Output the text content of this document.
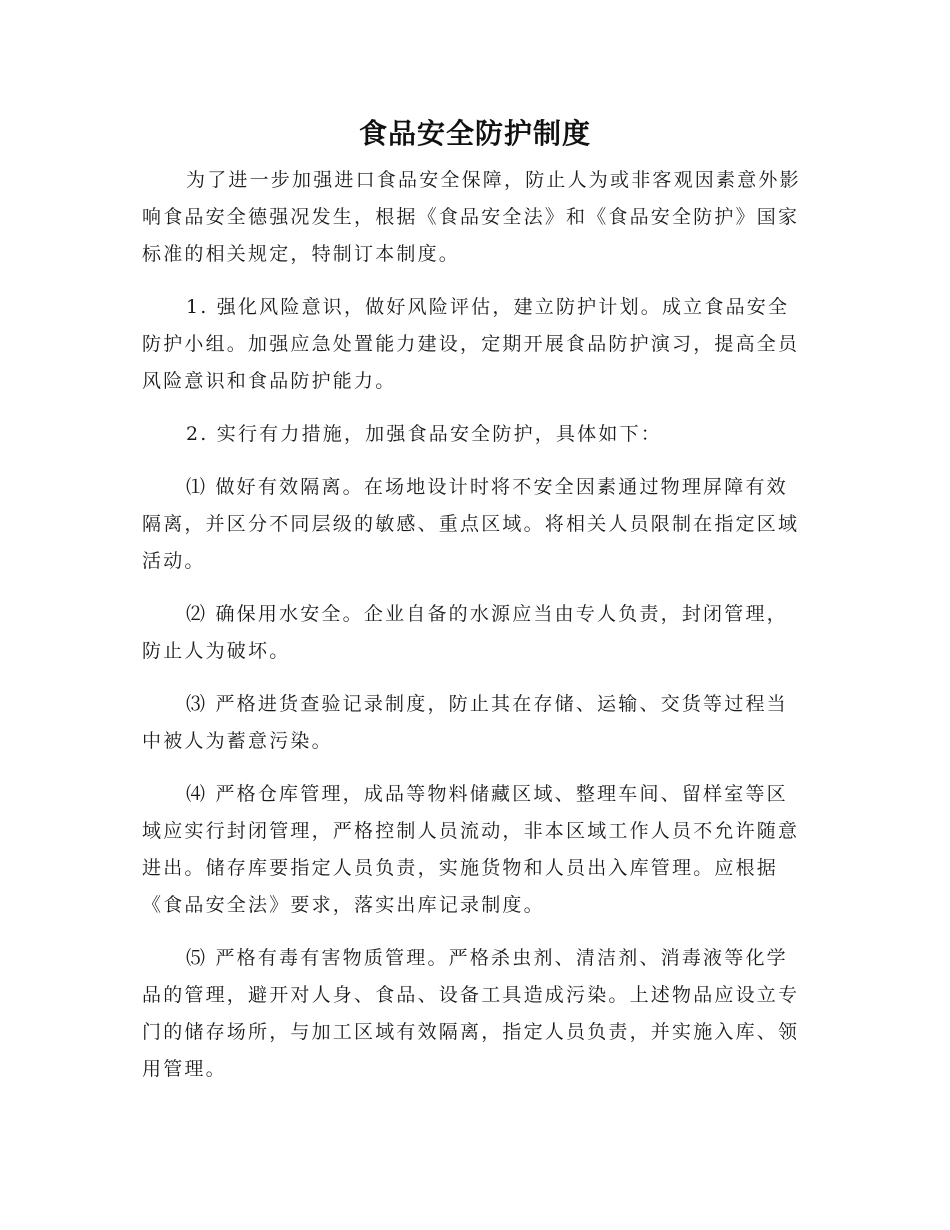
食品安全防护制度

为了进一步加强进口食品安全保障，防止人为或非客观因素意外影响食品安全德强况发生，根据《食品安全法》和《食品安全防护》国家标准的相关规定，特制订本制度。

1. 强化风险意识，做好风险评估，建立防护计划。成立食品安全防护小组。加强应急处置能力建设，定期开展食品防护演习，提高全员风险意识和食品防护能力。

2. 实行有力措施，加强食品安全防护，具体如下：

⑴ 做好有效隔离。在场地设计时将不安全因素通过物理屏障有效隔离，并区分不同层级的敏感、重点区域。将相关人员限制在指定区域活动。

⑵ 确保用水安全。企业自备的水源应当由专人负责，封闭管理，防止人为破坏。

⑶ 严格进货查验记录制度，防止其在存储、运输、交货等过程当中被人为蓄意污染。

⑷ 严格仓库管理，成品等物料储藏区域、整理车间、留样室等区域应实行封闭管理，严格控制人员流动，非本区域工作人员不允许随意进出。储存库要指定人员负责，实施货物和人员出入库管理。应根据《食品安全法》要求，落实出库记录制度。

⑸ 严格有毒有害物质管理。严格杀虫剂、清洁剂、消毒液等化学品的管理，避开对人身、食品、设备工具造成污染。上述物品应设立专门的储存场所，与加工区域有效隔离，指定人员负责，并实施入库、领用管理。
